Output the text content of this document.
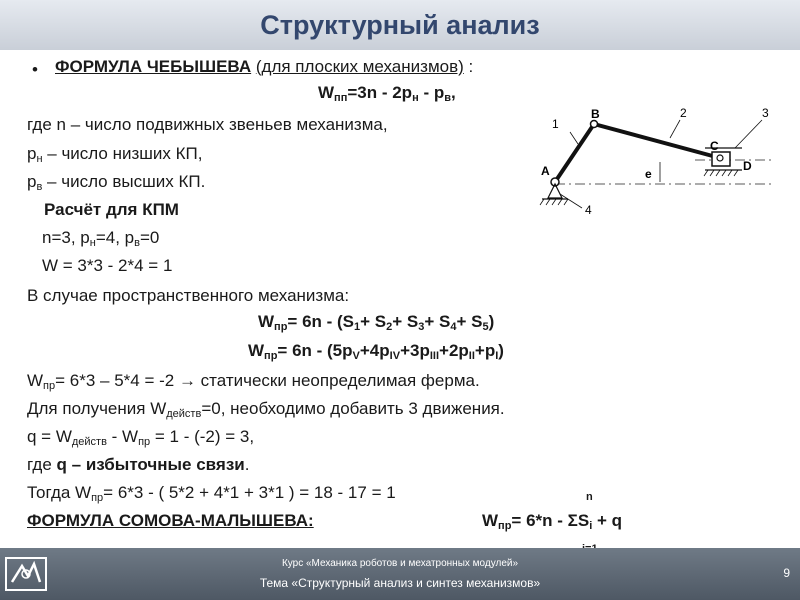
Структурный анализ
• ФОРМУЛА ЧЕБЫШЕВА (для плоских механизмов) :
$W_{пп}=3n - 2p_н - p_в$,
где n – число подвижных звеньев механизма,
$p_н$ – число низших КП,
$p_в$ – число высших КП.
Расчёт для КПМ
n=3, $p_н=4$, $p_в=0$
W = 3*3 - 2*4 = 1
В случае пространственного механизма:
$W_{пр}= 6n - (S_1+ S_2+ S_3+ S_4+ S_5)$
$W_{пр}= 6n - (5p_V+4p_{IV}+3p_{III}+2p_{II}+p_I)$
$W_{пр}= 6*3 - 5*4 = -2$ → статически неопределимая ферма.
Для получения $W_{действ}=0$, необходимо добавить 3 движения.
$q = W_{действ} - W_{пр} = 1 - (-2) = 3$,
где q – избыточные связи.
Тогда $W_{пр}= 6*3$ - ( 5*2 + 4*1 + 3*1 ) = 18 - 17 = 1
ФОРМУЛА СОМОВА-МАЛЫШЕВА:	$W_{пр}= 6*n - \Sigma S_i + q$
n
A
B
C
D
e
1
2	3
4
Курс «Механика роботов и мехатронных модулей»
Тема «Структурный анализ и синтез механизмов»
9
